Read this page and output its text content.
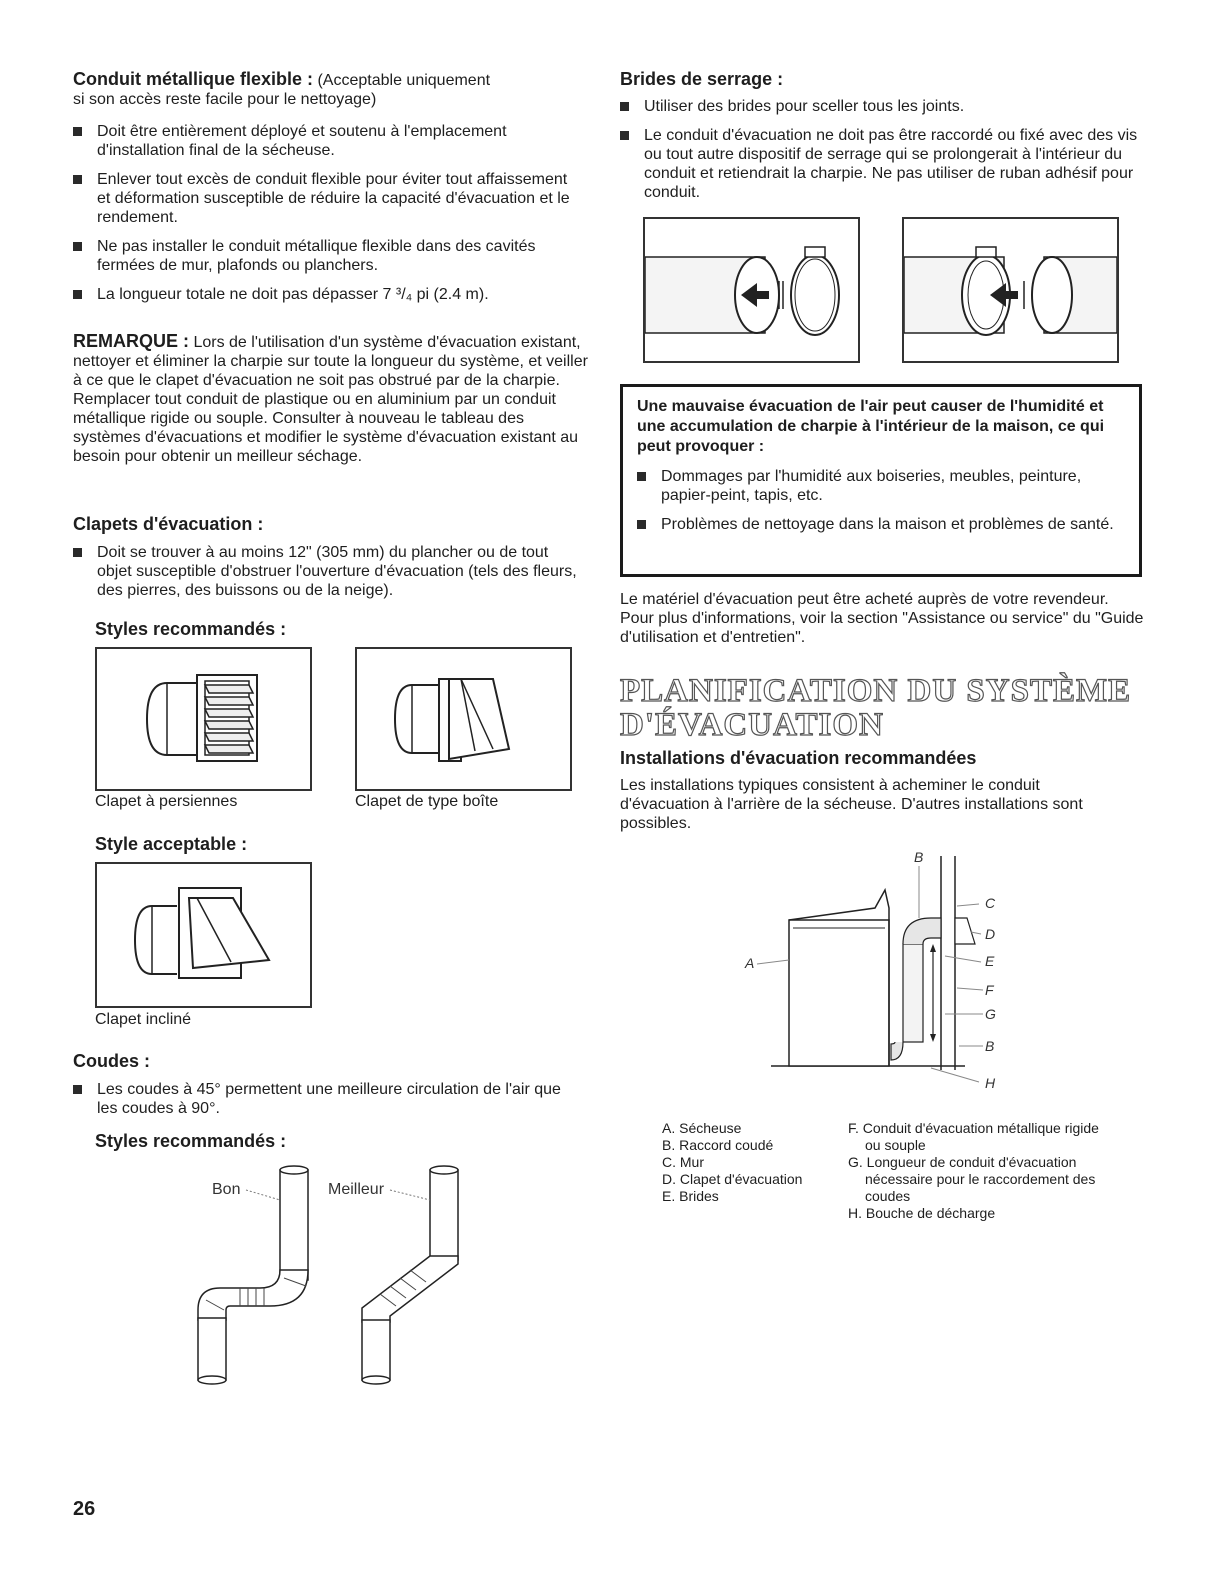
Conduit métallique flexible : (Acceptable uniquement

si son accès reste facile pour le nettoyage)

Doit être entièrement déployé et soutenu à l'emplacement d'installation final de la sécheuse.
Enlever tout excès de conduit flexible pour éviter tout affaissement et déformation susceptible de réduire la capacité d'évacuation et le rendement.
Ne pas installer le conduit métallique flexible dans des cavités fermées de mur, plafonds ou planchers.
La longueur totale ne doit pas dépasser 7 ³/₄ pi (2.4 m).

REMARQUE : Lors de l'utilisation d'un système d'évacuation existant, nettoyer et éliminer la charpie sur toute la longueur du système, et veiller à ce que le clapet d'évacuation ne soit pas obstrué par de la charpie. Remplacer tout conduit de plastique ou en aluminium par un conduit métallique rigide ou souple. Consulter à nouveau le tableau des systèmes d'évacuations et modifier le système d'évacuation existant au besoin pour obtenir un meilleur séchage.

Clapets d'évacuation :
Doit se trouver à au moins 12" (305 mm) du plancher ou de tout objet susceptible d'obstruer l'ouverture d'évacuation (tels des fleurs, des pierres, des buissons ou de la neige).
Styles recommandés :
Clapet à persiennes	Clapet de type boîte
Style acceptable :
Clapet incliné
Coudes :
Les coudes à 45° permettent une meilleure circulation de l'air que les coudes à 90°.
Styles recommandés :
Bon	Meilleur
26
Brides de serrage :
Utiliser des brides pour sceller tous les joints.
Le conduit d'évacuation ne doit pas être raccordé ou fixé avec des vis ou tout autre dispositif de serrage qui se prolongerait à l'intérieur du conduit et retiendrait la charpie. Ne pas utiliser de ruban adhésif pour conduit.
Une mauvaise évacuation de l'air peut causer de l'humidité et une accumulation de charpie à l'intérieur de la maison, ce qui peut provoquer :
Dommages par l'humidité aux boiseries, meubles, peinture, papier-peint, tapis, etc.
Problèmes de nettoyage dans la maison et problèmes de santé.

Le matériel d'évacuation peut être acheté auprès de votre revendeur. Pour plus d'informations, voir la section "Assistance ou service" du "Guide d'utilisation et d'entretien".

PLANIFICATION DU SYSTÈME
D'ÉVACUATION
Installations d'évacuation recommandées

Les installations typiques consistent à acheminer le conduit d'évacuation à l'arrière de la sécheuse. D'autres installations sont possibles.

A
B
C
D
E
F
G
B
H
A. Sécheuse
B. Raccord coudé
C. Mur
D. Clapet d'évacuation
E. Brides
F. Conduit d'évacuation métallique rigide
ou souple
G. Longueur de conduit d'évacuation
nécessaire pour le raccordement des
coudes
H. Bouche de décharge
